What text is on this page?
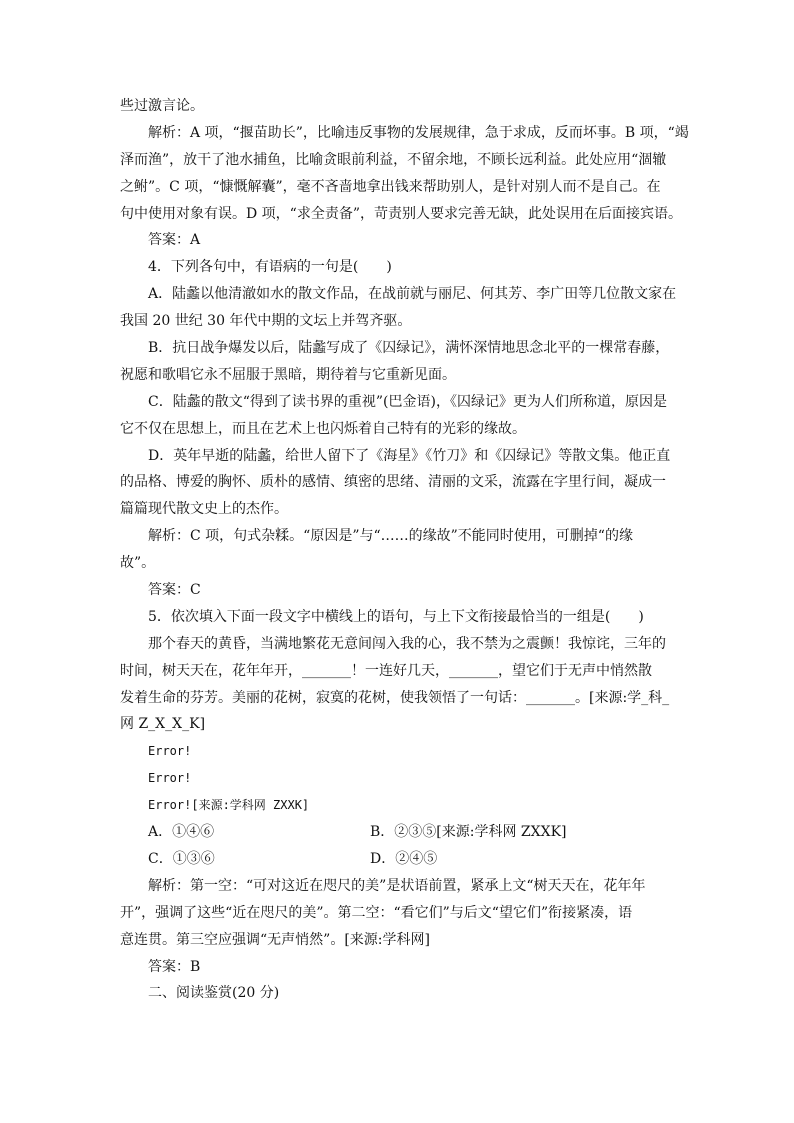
些过激言论。
解析：A 项，“揠苗助长”，比喻违反事物的发展规律，急于求成，反而坏事。B 项，“竭
泽而渔”，放干了池水捕鱼，比喻贪眼前利益，不留余地，不顾长远利益。此处应用“涸辙
之鲋”。C 项，“慷慨解囊”，毫不吝啬地拿出钱来帮助别人，是针对别人而不是自己。在
句中使用对象有误。D 项，“求全责备”，苛责别人要求完善无缺，此处误用在后面接宾语。
答案：A
4．下列各句中，有语病的一句是(　　)
A．陆蠡以他清澈如水的散文作品，在战前就与丽尼、何其芳、李广田等几位散文家在
我国 20 世纪 30 年代中期的文坛上并驾齐驱。
B．抗日战争爆发以后，陆蠡写成了《囚绿记》，满怀深情地思念北平的一棵常春藤，
祝愿和歌唱它永不屈服于黑暗，期待着与它重新见面。
C．陆蠡的散文“得到了读书界的重视”(巴金语)，《囚绿记》更为人们所称道，原因是
它不仅在思想上，而且在艺术上也闪烁着自己特有的光彩的缘故。
D．英年早逝的陆蠡，给世人留下了《海星》《竹刀》和《囚绿记》等散文集。他正直
的品格、博爱的胸怀、质朴的感情、缜密的思绪、清丽的文采，流露在字里行间，凝成一
篇篇现代散文史上的杰作。
解析：C 项，句式杂糅。“原因是”与“……的缘故”不能同时使用，可删掉“的缘
故”。
答案：C
5．依次填入下面一段文字中横线上的语句，与上下文衔接最恰当的一组是(　　)
那个春天的黄昏，当满地繁花无意间闯入我的心，我不禁为之震颤！我惊诧，三年的
时间，树天天在，花年年开，_______！一连好几天，_______，望它们于无声中悄然散
发着生命的芬芳。美丽的花树，寂寞的花树，使我领悟了一句话：_______。[来源:学_科_
网 Z_X_X_K]
Error!
Error!
Error![来源:学科网 ZXXK]
A．①④⑥	B．②③⑤[来源:学科网 ZXXK]
C．①③⑥	D．②④⑤
解析：第一空：“可对这近在咫尺的美”是状语前置，紧承上文“树天天在，花年年
开”，强调了这些“近在咫尺的美”。第二空：“看它们”与后文“望它们”衔接紧凑，语
意连贯。第三空应强调“无声悄然”。[来源:学科网]
答案：B
二、阅读鉴赏(20 分)
